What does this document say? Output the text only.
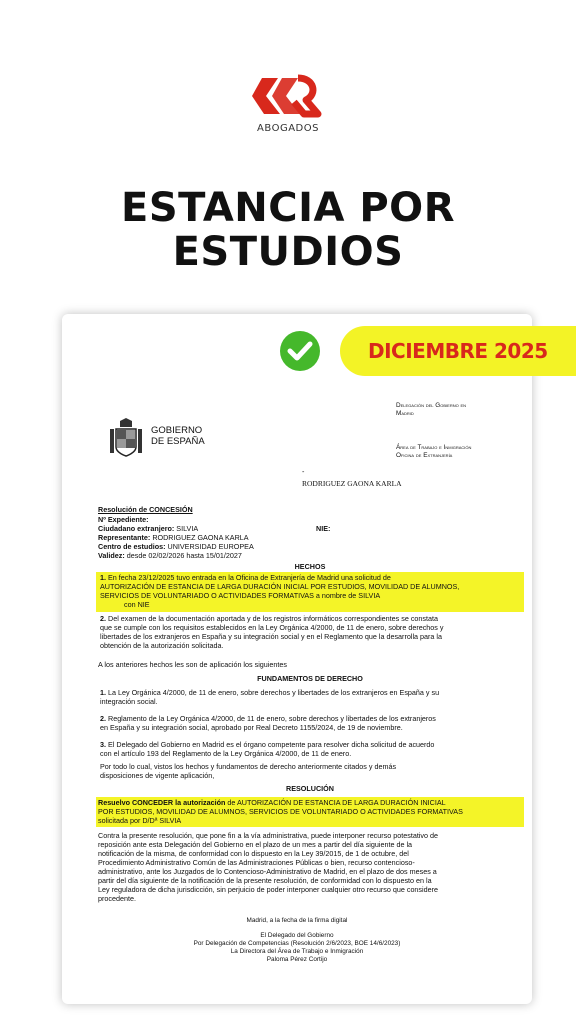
ABOGADOS
ESTANCIA POR
ESTUDIOS
DICIEMBRE 2025
GOBIERNO
DE ESPAÑA
Delegación del Gobierno en
Madrid
Área de Trabajo e Inmigración
Oficina de Extranjería
-
RODRIGUEZ GAONA KARLA
Resolución de CONCESIÓN
Nº Expediente:
Ciudadano extranjero: SILVIA	NIE:
Representante: RODRIGUEZ GAONA KARLA
Centro de estudios: UNIVERSIDAD EUROPEA
Validez: desde 02/02/2026 hasta 15/01/2027
HECHOS
1. En fecha 23/12/2025 tuvo entrada en la Oficina de Extranjería de Madrid una solicitud de
AUTORIZACIÓN DE ESTANCIA DE LARGA DURACIÓN INICIAL POR ESTUDIOS, MOVILIDAD DE ALUMNOS,
SERVICIOS DE VOLUNTARIADO O ACTIVIDADES FORMATIVAS a nombre de SILVIA
con NIE
2. Del examen de la documentación aportada y de los registros informáticos correspondientes se constata
que se cumple con los requisitos establecidos en la Ley Orgánica 4/2000, de 11 de enero, sobre derechos y
libertades de los extranjeros en España y su integración social y en el Reglamento que la desarrolla para la
obtención de la autorización solicitada.
A los anteriores hechos les son de aplicación los siguientes
FUNDAMENTOS DE DERECHO
1. La Ley Orgánica 4/2000, de 11 de enero, sobre derechos y libertades de los extranjeros en España y su
integración social.
2. Reglamento de la Ley Orgánica 4/2000, de 11 de enero, sobre derechos y libertades de los extranjeros
en España y su integración social, aprobado por Real Decreto 1155/2024, de 19 de noviembre.
3. El Delegado del Gobierno en Madrid es el órgano competente para resolver dicha solicitud de acuerdo
con el artículo 193 del Reglamento de la Ley Orgánica 4/2000, de 11 de enero.
Por todo lo cual, vistos los hechos y fundamentos de derecho anteriormente citados y demás
disposiciones de vigente aplicación,
RESOLUCIÓN
Resuelvo CONCEDER la autorización de AUTORIZACIÓN DE ESTANCIA DE LARGA DURACIÓN INICIAL
POR ESTUDIOS, MOVILIDAD DE ALUMNOS, SERVICIOS DE VOLUNTARIADO O ACTIVIDADES FORMATIVAS
solicitada por D/Dª SILVIA
Contra la presente resolución, que pone fin a la vía administrativa, puede interponer recurso potestativo de
reposición ante esta Delegación del Gobierno en el plazo de un mes a partir del día siguiente de la
notificación de la misma, de conformidad con lo dispuesto en la Ley 39/2015, de 1 de octubre, del
Procedimiento Administrativo Común de las Administraciones Públicas o bien, recurso contencioso-
administrativo, ante los Juzgados de lo Contencioso-Administrativo de Madrid, en el plazo de dos meses a
partir del día siguiente de la notificación de la presente resolución, de conformidad con lo dispuesto en la
Ley reguladora de dicha jurisdicción, sin perjuicio de poder interponer cualquier otro recurso que considere
procedente.
Madrid, a la fecha de la firma digital
El Delegado del Gobierno
Por Delegación de Competencias (Resolución 2/6/2023, BOE 14/6/2023)
La Directora del Área de Trabajo e Inmigración
Paloma Pérez Cortijo
